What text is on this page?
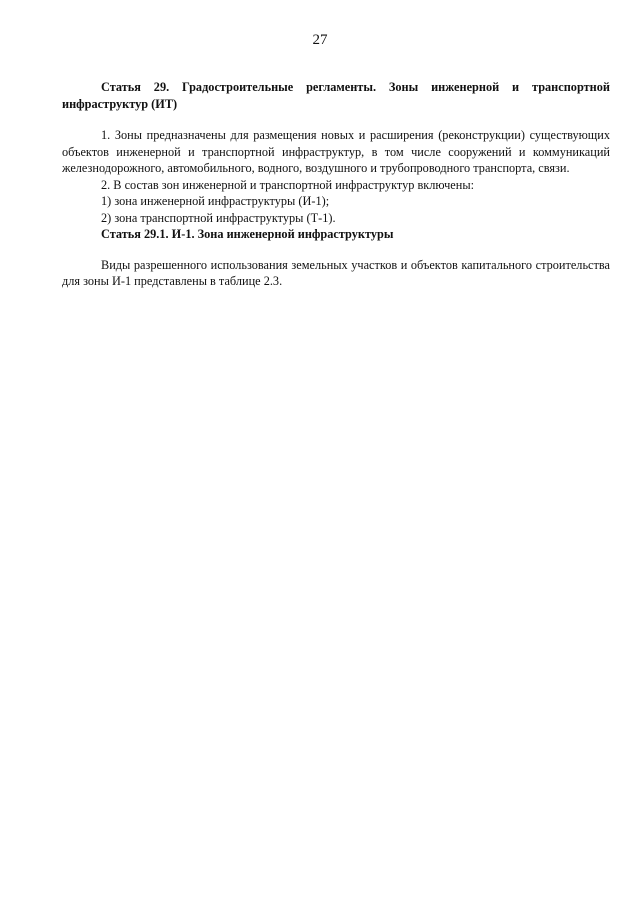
27

Статья 29. Градостроительные регламенты. Зоны инженерной и транспортной инфраструктур (ИТ)

1. Зоны предназначены для размещения новых и расширения (реконструкции) существующих объектов инженерной и транспортной инфраструктур, в том числе сооружений и коммуникаций железнодорожного, автомобильного, водного, воздушного и трубопроводного транспорта, связи.

2. В состав зон инженерной и транспортной инфраструктур включены:

1) зона инженерной инфраструктуры (И-1);

2) зона транспортной инфраструктуры (Т-1).

Статья 29.1. И-1. Зона инженерной инфраструктуры

Виды разрешенного использования земельных участков и объектов капитального строительства для зоны И-1 представлены в таблице 2.3.
